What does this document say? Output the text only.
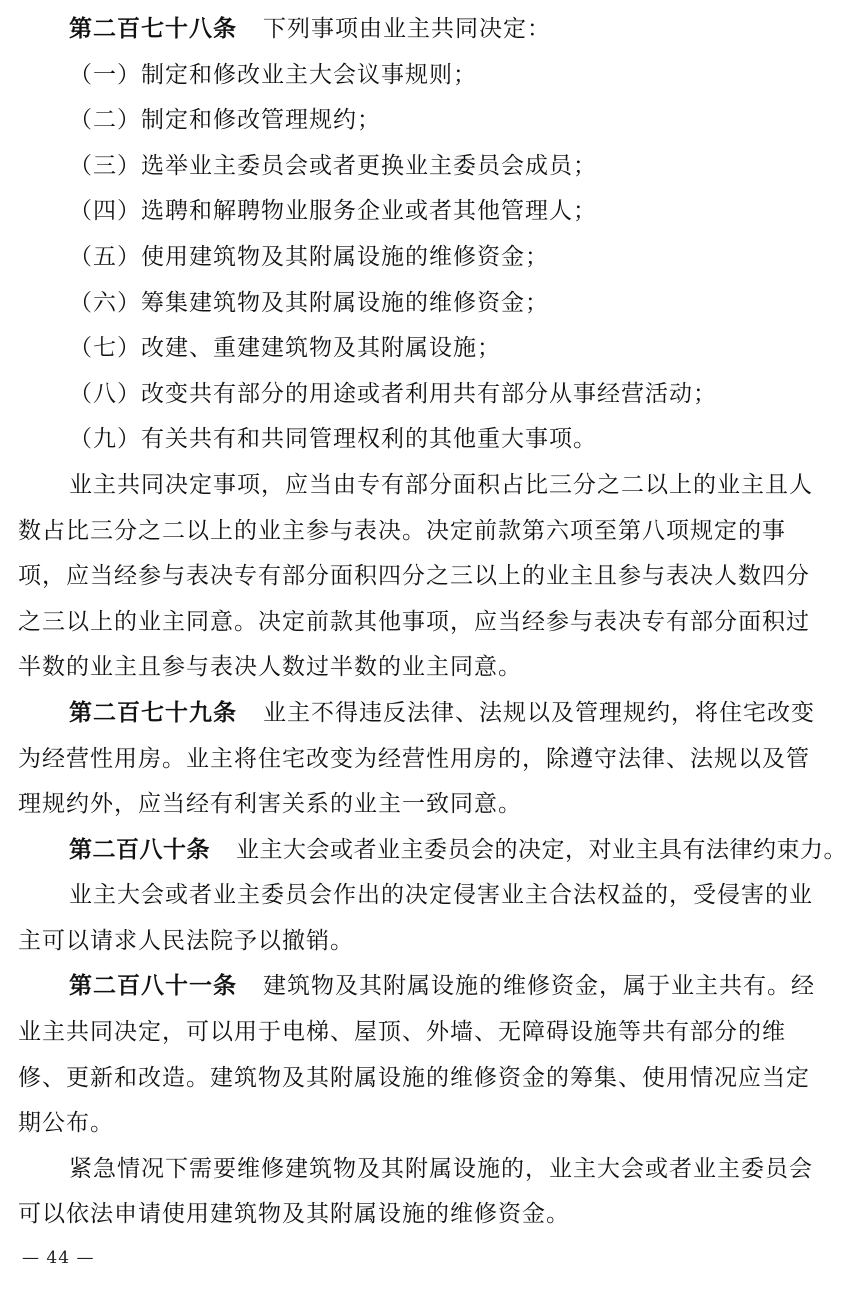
第二百七十八条 下列事项由业主共同决定：
（一）制定和修改业主大会议事规则；
（二）制定和修改管理规约；
（三）选举业主委员会或者更换业主委员会成员；
（四）选聘和解聘物业服务企业或者其他管理人；
（五）使用建筑物及其附属设施的维修资金；
（六）筹集建筑物及其附属设施的维修资金；
（七）改建、重建建筑物及其附属设施；
（八）改变共有部分的用途或者利用共有部分从事经营活动；
（九）有关共有和共同管理权利的其他重大事项。
业主共同决定事项，应当由专有部分面积占比三分之二以上的业主且人
数占比三分之二以上的业主参与表决。决定前款第六项至第八项规定的事
项，应当经参与表决专有部分面积四分之三以上的业主且参与表决人数四分
之三以上的业主同意。决定前款其他事项，应当经参与表决专有部分面积过
半数的业主且参与表决人数过半数的业主同意。
第二百七十九条 业主不得违反法律、法规以及管理规约，将住宅改变
为经营性用房。业主将住宅改变为经营性用房的，除遵守法律、法规以及管
理规约外，应当经有利害关系的业主一致同意。
第二百八十条 业主大会或者业主委员会的决定，对业主具有法律约束力。
业主大会或者业主委员会作出的决定侵害业主合法权益的，受侵害的业
主可以请求人民法院予以撤销。
第二百八十一条 建筑物及其附属设施的维修资金，属于业主共有。经
业主共同决定，可以用于电梯、屋顶、外墙、无障碍设施等共有部分的维
修、更新和改造。建筑物及其附属设施的维修资金的筹集、使用情况应当定
期公布。
紧急情况下需要维修建筑物及其附属设施的，业主大会或者业主委员会
可以依法申请使用建筑物及其附属设施的维修资金。
— 44 —
